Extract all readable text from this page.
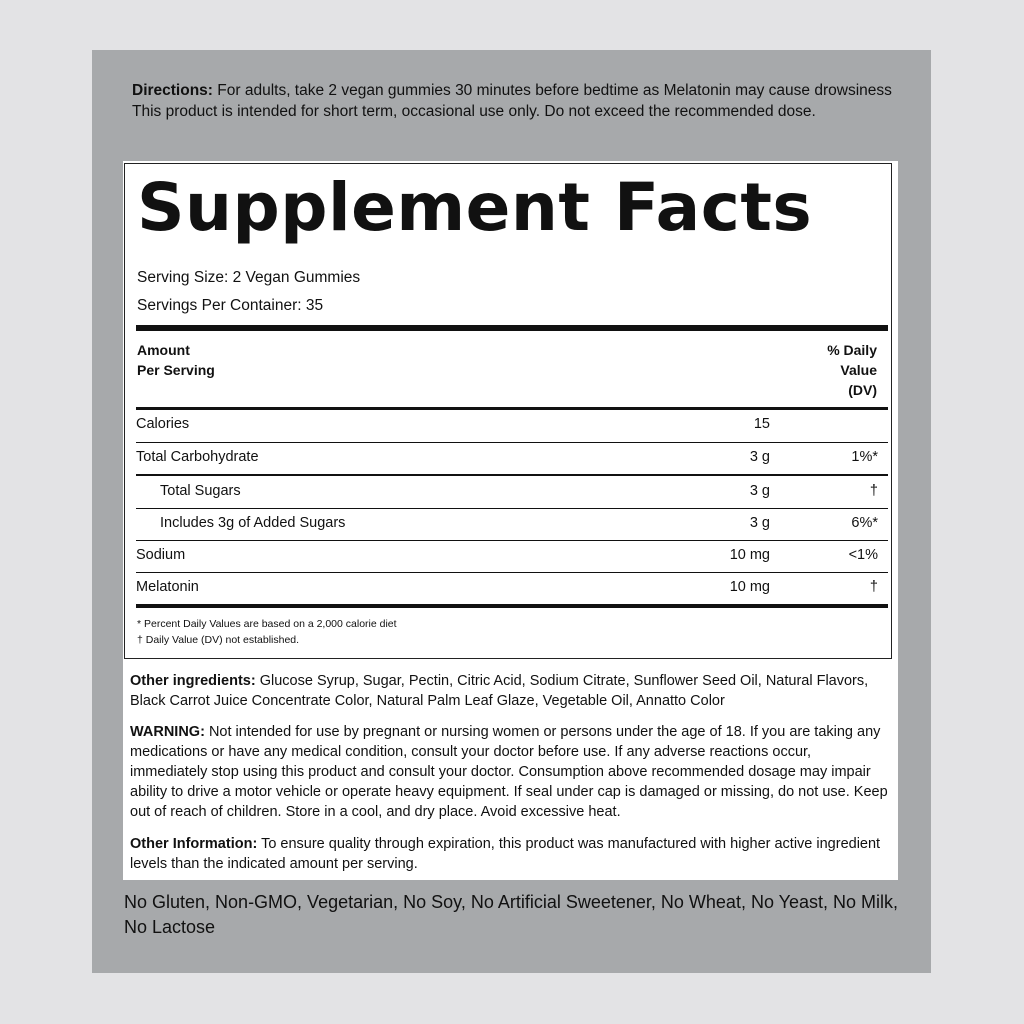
Directions: For adults, take 2 vegan gummies 30 minutes before bedtime as Melatonin may cause drowsiness This product is intended for short term, occasional use only. Do not exceed the recommended dose.
Supplement Facts
Serving Size: 2 Vegan Gummies
Servings Per Container: 35
Amount
Per Serving
% Daily
Value
(DV)
Calories	15
Total Carbohydrate	3 g	1%*
Total Sugars	3 g	†
Includes 3g of Added Sugars	3 g	6%*
Sodium	10 mg	<1%
Melatonin	10 mg	†
* Percent Daily Values are based on a 2,000 calorie diet
† Daily Value (DV) not established.
Other ingredients: Glucose Syrup, Sugar, Pectin, Citric Acid, Sodium Citrate, Sunflower Seed Oil, Natural Flavors, Black Carrot Juice Concentrate Color, Natural Palm Leaf Glaze, Vegetable Oil, Annatto Color
WARNING: Not intended for use by pregnant or nursing women or persons under the age of 18. If you are taking any medications or have any medical condition, consult your doctor before use. If any adverse reactions occur, immediately stop using this product and consult your doctor. Consumption above recommended dosage may impair ability to drive a motor vehicle or operate heavy equipment. If seal under cap is damaged or missing, do not use. Keep out of reach of children. Store in a cool, and dry place. Avoid excessive heat.
Other Information: To ensure quality through expiration, this product was manufactured with higher active ingredient levels than the indicated amount per serving.
No Gluten, Non-GMO, Vegetarian, No Soy, No Artificial Sweetener, No Wheat, No Yeast, No Milk, No Lactose
